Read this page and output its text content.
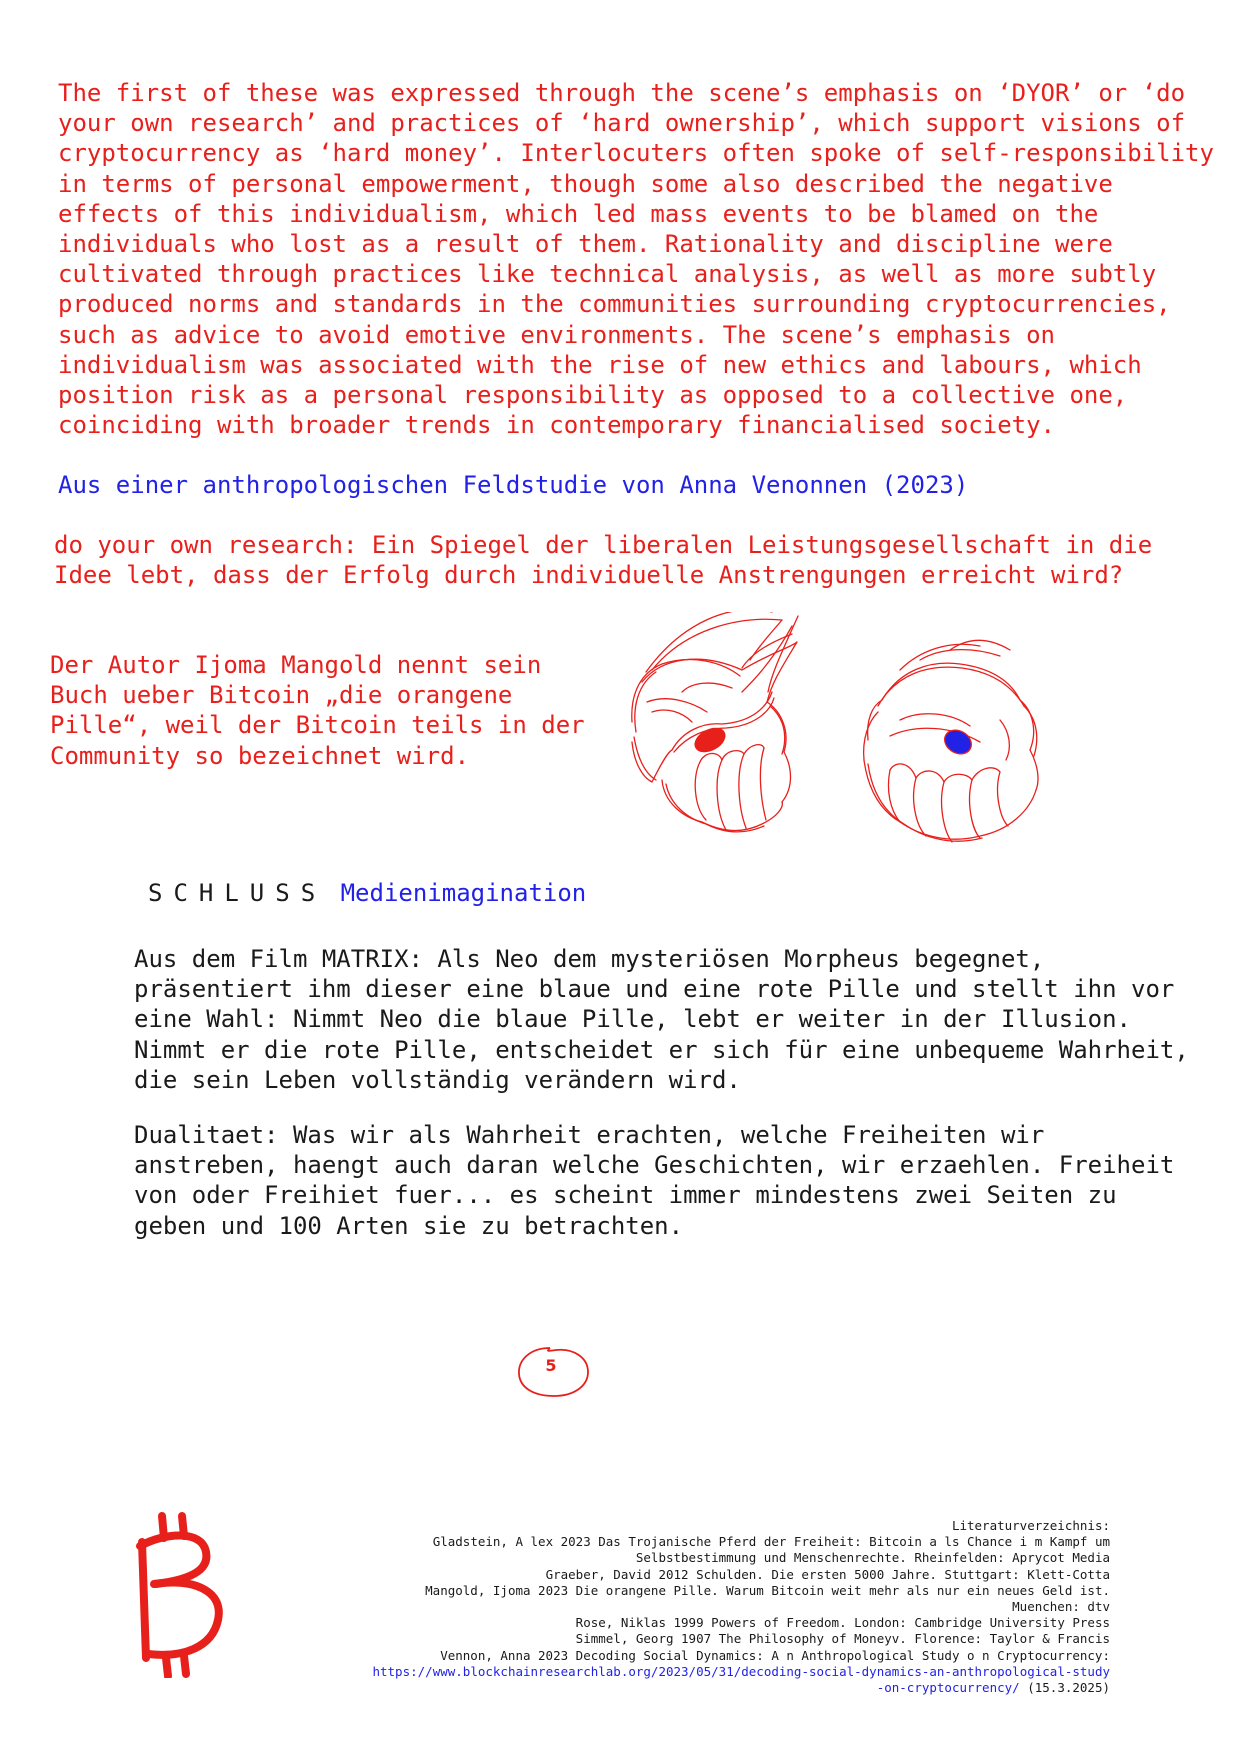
The first of these was expressed through the scene’s emphasis on ‘DYOR’ or ‘do your own research’ and practices of ‘hard ownership’, which support visions of cryptocurrency as ‘hard money’. Interlocuters often spoke of self-responsibility in terms of personal empowerment, though some also described the negative effects of this individualism, which led mass events to be blamed on the individuals who lost as a result of them. Rationality and discipline were cultivated through practices like technical analysis, as well as more subtly produced norms and standards in the communities surrounding cryptocurrencies, such as advice to avoid emotive environments. The scene’s emphasis on individualism was associated with the rise of new ethics and labours, which position risk as a personal responsibility as opposed to a collective one, coinciding with broader trends in contemporary financialised society.
Aus einer anthropologischen Feldstudie von Anna Venonnen (2023)
do your own research: Ein Spiegel der liberalen Leistungsgesellschaft in die Idee lebt, dass der Erfolg durch individuelle Anstrengungen erreicht wird?
Der Autor Ijoma Mangold nennt sein Buch ueber Bitcoin „die orangene Pille“, weil der Bitcoin teils in der Community so bezeichnet wird.
SCHLUSS Medienimagination
Aus dem Film MATRIX: Als Neo dem mysteriösen Morpheus begegnet, präsentiert ihm dieser eine blaue und eine rote Pille und stellt ihn vor eine Wahl: Nimmt Neo die blaue Pille, lebt er weiter in der Illusion. Nimmt er die rote Pille, entscheidet er sich für eine unbequeme Wahrheit, die sein Leben vollständig verändern wird.
Dualitaet: Was wir als Wahrheit erachten, welche Freiheiten wir anstreben, haengt auch daran welche Geschichten, wir erzaehlen. Freiheit von oder Freihiet fuer... es scheint immer mindestens zwei Seiten zu geben und 100 Arten sie zu betrachten.
5
Literaturverzeichnis:
Gladstein, A lex 2023 Das Trojanische Pferd der Freiheit: Bitcoin a ls Chance i m Kampf um
Selbstbestimmung und Menschenrechte. Rheinfelden: Aprycot Media
Graeber, David 2012 Schulden. Die ersten 5000 Jahre. Stuttgart: Klett-Cotta
Mangold, Ijoma 2023 Die orangene Pille. Warum Bitcoin weit mehr als nur ein neues Geld ist.
Muenchen: dtv
Rose, Niklas 1999 Powers of Freedom. London: Cambridge University Press
Simmel, Georg 1907 The Philosophy of Moneyv. Florence: Taylor & Francis
Vennon, Anna 2023 Decoding Social Dynamics: A n Anthropological Study o n Cryptocurrency:
https://www.blockchainresearchlab.org/2023/05/31/decoding-social-dynamics-an-anthropological-study
-on-cryptocurrency/ (15.3.2025)
